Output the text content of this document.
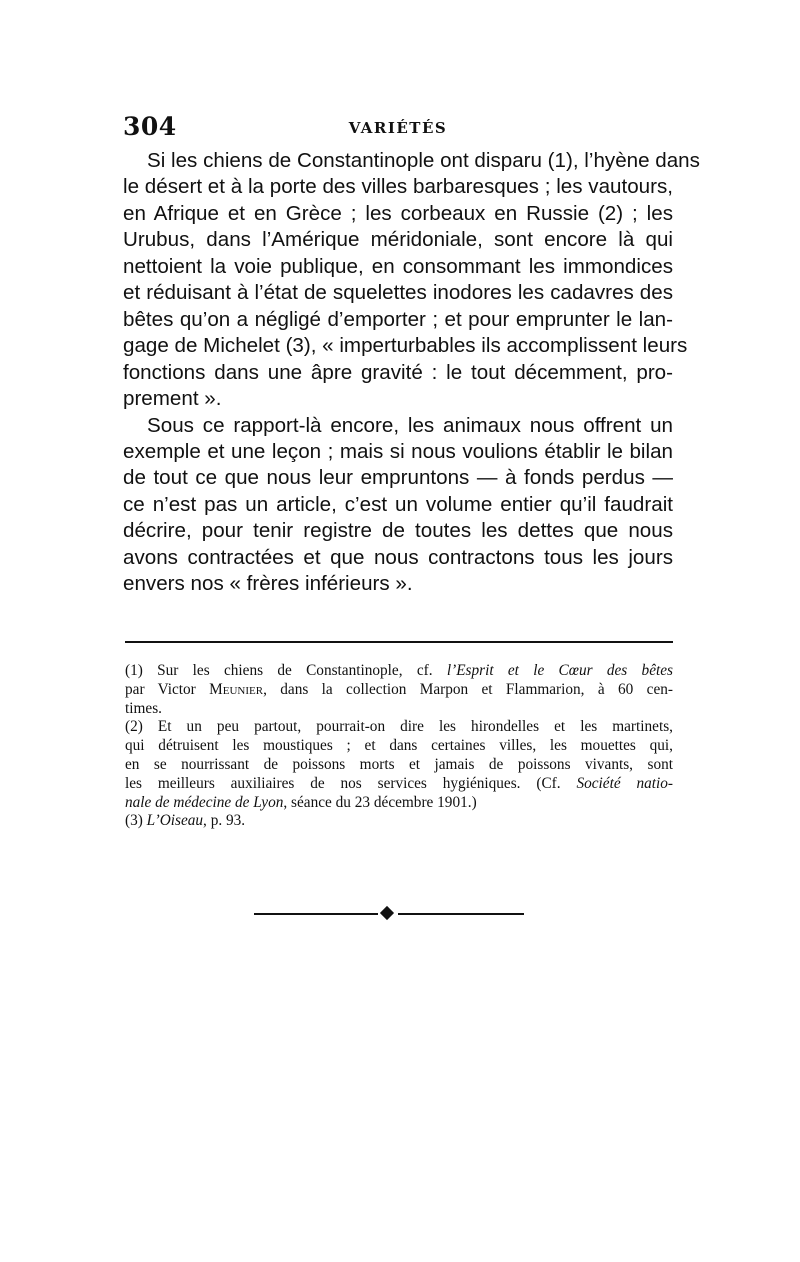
304	VARIÉTÉS
Si les chiens de Constantinople ont disparu (1), l’hyène dans
le désert et à la porte des villes barbaresques ; les vautours,
en Afrique et en Grèce ; les corbeaux en Russie (2) ; les
Urubus, dans l’Amérique méridoniale, sont encore là qui
nettoient la voie publique, en consommant les immondices
et réduisant à l’état de squelettes inodores les cadavres des
bêtes qu’on a négligé d’emporter ; et pour emprunter le lan-
gage de Michelet (3), « imperturbables ils accomplissent leurs
fonctions dans une âpre gravité : le tout décemment, pro-
prement ».
Sous ce rapport-là encore, les animaux nous offrent un
exemple et une leçon ; mais si nous voulions établir le bilan
de tout ce que nous leur empruntons — à fonds perdus —
ce n’est pas un article, c’est un volume entier qu’il faudrait
décrire, pour tenir registre de toutes les dettes que nous
avons contractées et que nous contractons tous les jours
envers nos « frères inférieurs ».
(1) Sur les chiens de Constantinople, cf. l’Esprit et le Cœur des bêtes
par Victor Meunier, dans la collection Marpon et Flammarion, à 60 cen-
times.
(2) Et un peu partout, pourrait-on dire les hirondelles et les martinets,
qui détruisent les moustiques ; et dans certaines villes, les mouettes qui,
en se nourrissant de poissons morts et jamais de poissons vivants, sont
les meilleurs auxiliaires de nos services hygiéniques. (Cf. Société natio-
nale de médecine de Lyon, séance du 23 décembre 1901.)
(3) L’Oiseau, p. 93.
